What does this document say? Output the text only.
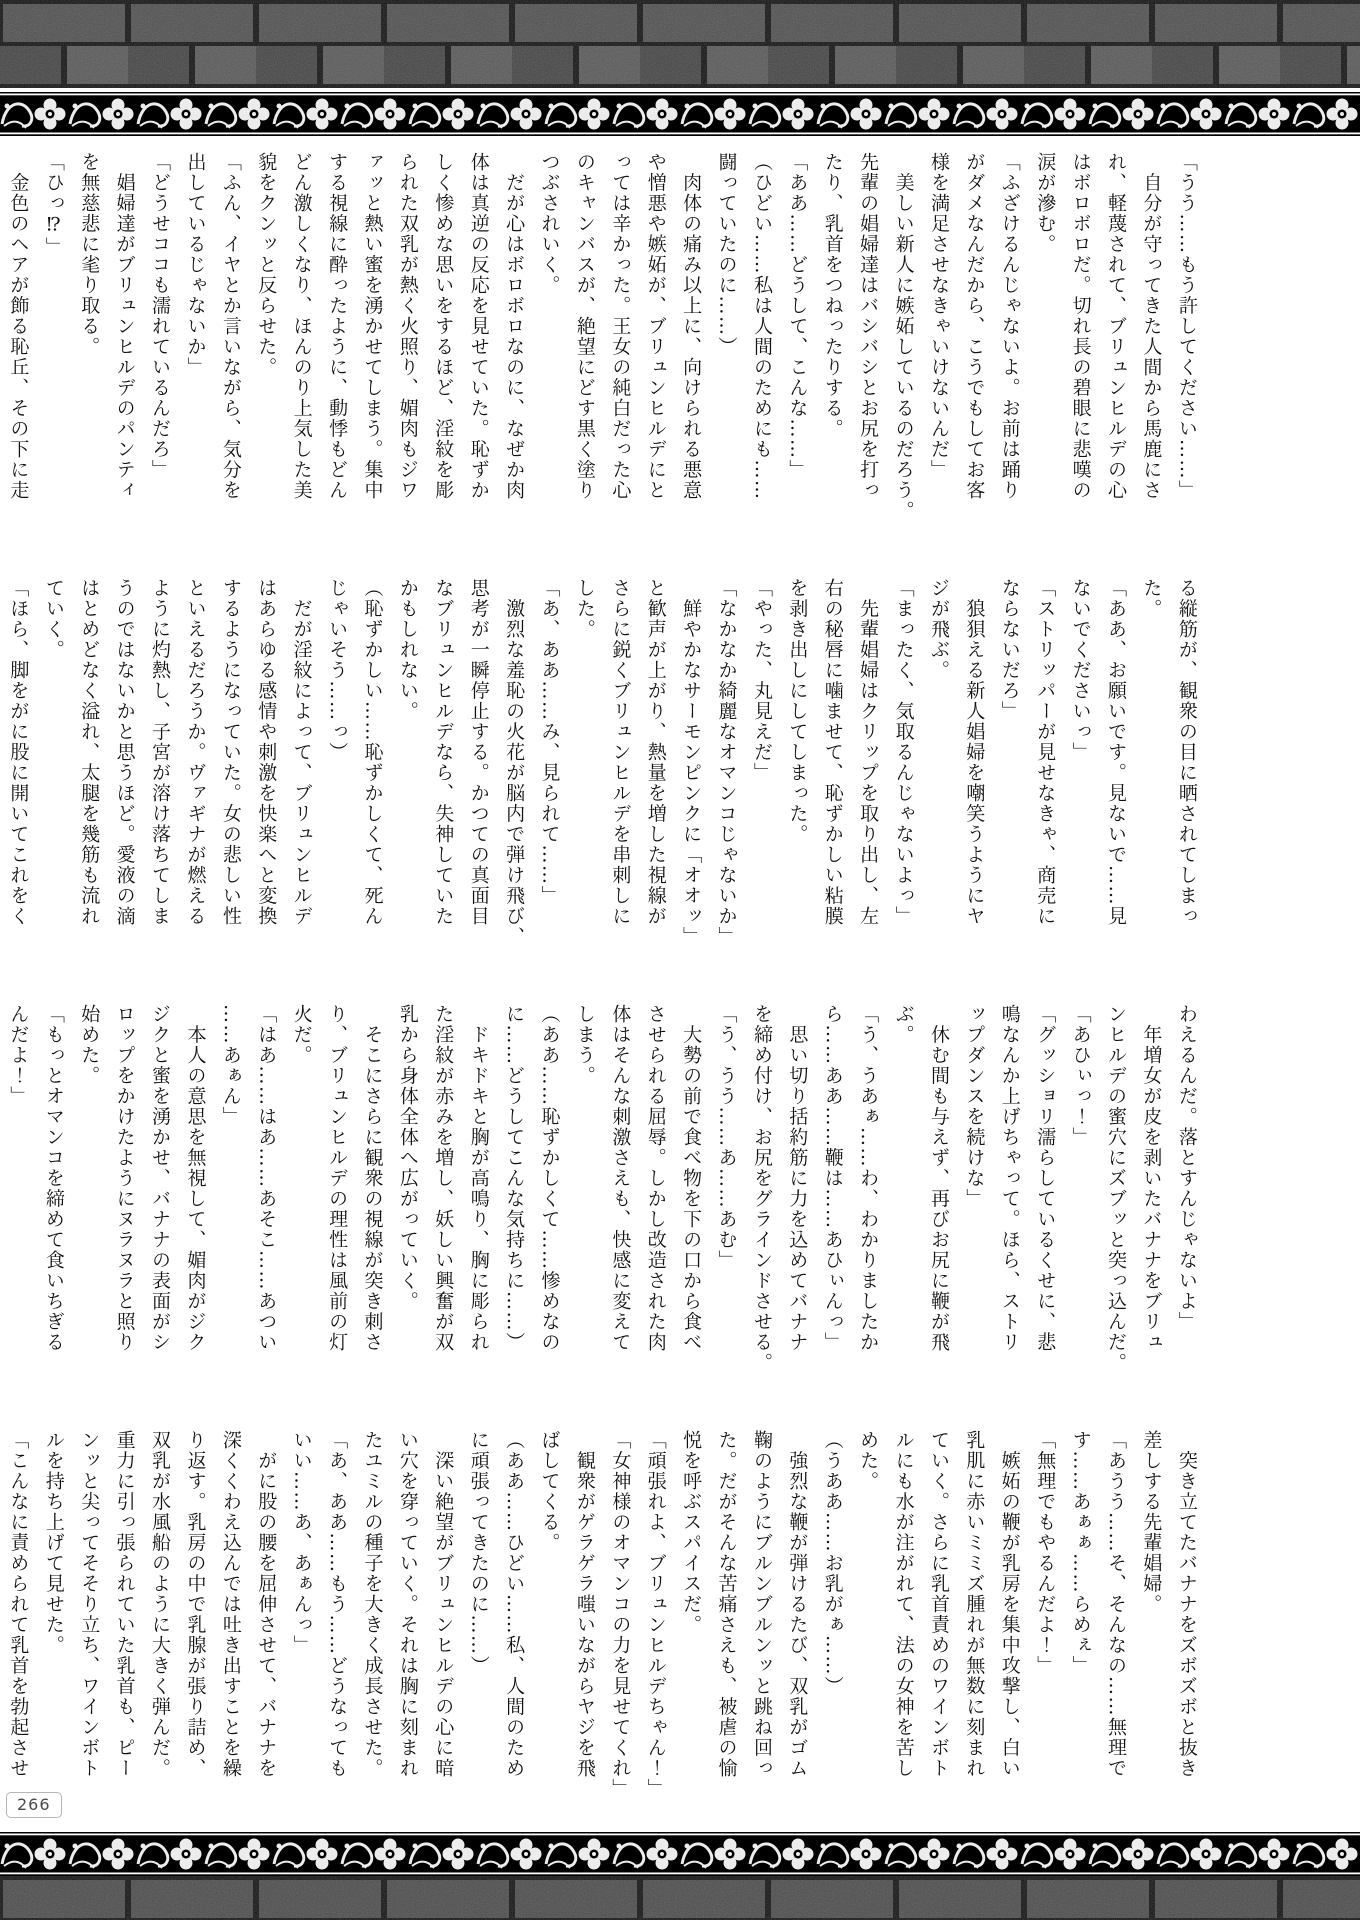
「うう……もう許してください……」
　自分が守ってきた人間から馬鹿にさ
れ、軽蔑されて、ブリュンヒルデの心
はボロボロだ。切れ長の碧眼に悲嘆の
涙が滲む。
「ふざけるんじゃないよ。お前は踊り
がダメなんだから、こうでもしてお客
様を満足させなきゃいけないんだ」
　美しい新人に嫉妬しているのだろう。
先輩の娼婦達はバシバシとお尻を打っ
たり、乳首をつねったりする。
「ああ……どうして、こんな……」
（ひどい……私は人間のためにも……
闘っていたのに……）
　肉体の痛み以上に、向けられる悪意
や憎悪や嫉妬が、ブリュンヒルデにと
っては辛かった。王女の純白だった心
のキャンバスが、絶望にどす黒く塗り
つぶされいく。
　だが心はボロボロなのに、なぜか肉
体は真逆の反応を見せていた。恥ずか
しく惨めな思いをするほど、淫紋を彫
られた双乳が熱く火照り、媚肉もジワ
ァッと熱い蜜を湧かせてしまう。集中
する視線に酔ったように、動悸もどん
どん激しくなり、ほんのり上気した美
貌をクンッと反らせた。
「ふん、イヤとか言いながら、気分を
出しているじゃないか」
「どうせココも濡れているんだろ」
　娼婦達がブリュンヒルデのパンティ
を無慈悲に毟り取る。
「ひっ⁉」
　金色のヘアが飾る恥丘、その下に走
る縦筋が、観衆の目に晒されてしまっ
た。
「ああ、お願いです。見ないで……見
ないでくださいっ」
「ストリッパーが見せなきゃ、商売に
ならないだろ」
　狼狽える新人娼婦を嘲笑うようにヤ
ジが飛ぶ。
「まったく、気取るんじゃないよっ」
　先輩娼婦はクリップを取り出し、左
右の秘唇に噛ませて、恥ずかしい粘膜
を剥き出しにしてしまった。
「やった、丸見えだ」
「なかなか綺麗なオマンコじゃないか」
　鮮やかなサーモンピンクに「オオッ」
と歓声が上がり、熱量を増した視線が
さらに鋭くブリュンヒルデを串刺しに
した。
「あ、ああ……み、見られて……」
　激烈な羞恥の火花が脳内で弾け飛び、
思考が一瞬停止する。かつての真面目
なブリュンヒルデなら、失神していた
かもしれない。
（恥ずかしい……恥ずかしくて、死ん
じゃいそう……っ）
　だが淫紋によって、ブリュンヒルデ
はあらゆる感情や刺激を快楽へと変換
するようになっていた。女の悲しい性
といえるだろうか。ヴァギナが燃える
ように灼熱し、子宮が溶け落ちてしま
うのではないかと思うほど。愛液の滴
はとめどなく溢れ、太腿を幾筋も流れ
ていく。
「ほら、脚をがに股に開いてこれをく
わえるんだ。落とすんじゃないよ」
　年増女が皮を剥いたバナナをブリュ
ンヒルデの蜜穴にズブッと突っ込んだ。
「あひぃっ！」
「グッショリ濡らしているくせに、悲
鳴なんか上げちゃって。ほら、ストリ
ップダンスを続けな」
　休む間も与えず、再びお尻に鞭が飛
ぶ。
「う、うあぁ……わ、わかりましたか
ら……ああ……鞭は……あひぃんっ」
　思い切り括約筋に力を込めてバナナ
を締め付け、お尻をグラインドさせる。
「う、うう……あ……あむ」
　大勢の前で食べ物を下の口から食べ
させられる屈辱。しかし改造された肉
体はそんな刺激さえも、快感に変えて
しまう。
（ああ……恥ずかしくて……惨めなの
に……どうしてこんな気持ちに……）
　ドキドキと胸が高鳴り、胸に彫られ
た淫紋が赤みを増し、妖しい興奮が双
乳から身体全体へ広がっていく。
　そこにさらに観衆の視線が突き刺さ
り、ブリュンヒルデの理性は風前の灯
火だ。
「はあ……はあ……あそこ……あつい
……あぁん」
　本人の意思を無視して、媚肉がジク
ジクと蜜を湧かせ、バナナの表面がシ
ロップをかけたようにヌラヌラと照り
始めた。
「もっとオマンコを締めて食いちぎる
んだよ！」
　突き立てたバナナをズボズボと抜き
差しする先輩娼婦。
「あうう……そ、そんなの……無理で
す……あぁぁ……らめぇ」
「無理でもやるんだよ！」
　嫉妬の鞭が乳房を集中攻撃し、白い
乳肌に赤いミミズ腫れが無数に刻まれ
ていく。さらに乳首責めのワインボト
ルにも水が注がれて、法の女神を苦し
めた。
（うああ……お乳がぁ……）
　強烈な鞭が弾けるたび、双乳がゴム
鞠のようにブルンブルンッと跳ね回っ
た。だがそんな苦痛さえも、被虐の愉
悦を呼ぶスパイスだ。
「頑張れよ、ブリュンヒルデちゃん！」
「女神様のオマンコの力を見せてくれ」
　観衆がゲラゲラ嗤いながらヤジを飛
ばしてくる。
（ああ……ひどい……私、人間のため
に頑張ってきたのに……）
　深い絶望がブリュンヒルデの心に暗
い穴を穿っていく。それは胸に刻まれ
たユミルの種子を大きく成長させた。
「あ、ああ……もう……どうなっても
いい……あ、あぁんっ」
　がに股の腰を屈伸させて、バナナを
深くくわえ込んでは吐き出すことを繰
り返す。乳房の中で乳腺が張り詰め、
双乳が水風船のように大きく弾んだ。
重力に引っ張られていた乳首も、ピー
ンッと尖ってそそり立ち、ワインボト
ルを持ち上げて見せた。
「こんなに責められて乳首を勃起させ
266
